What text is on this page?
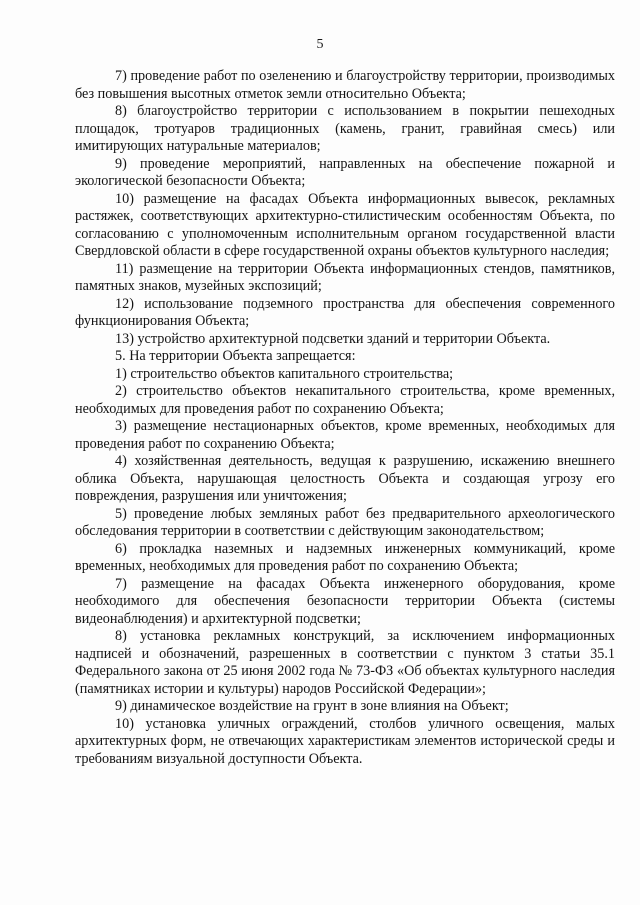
5

7) проведение работ по озеленению и благоустройству территории, производимых без повышения высотных отметок земли относительно Объекта;

8) благоустройство территории с использованием в покрытии пешеходных площадок, тротуаров традиционных (камень, гранит, гравийная смесь) или имитирующих натуральные материалов;

9) проведение мероприятий, направленных на обеспечение пожарной и экологической безопасности Объекта;

10) размещение на фасадах Объекта информационных вывесок, рекламных растяжек, соответствующих архитектурно-стилистическим особенностям Объекта, по согласованию с уполномоченным исполнительным органом государственной власти Свердловской области в сфере государственной охраны объектов культурного наследия;

11) размещение на территории Объекта информационных стендов, памятников, памятных знаков, музейных экспозиций;

12) использование подземного пространства для обеспечения современного функционирования Объекта;

13) устройство архитектурной подсветки зданий и территории Объекта.

5. На территории Объекта запрещается:

1) строительство объектов капитального строительства;

2) строительство объектов некапитального строительства, кроме временных, необходимых для проведения работ по сохранению Объекта;

3) размещение нестационарных объектов, кроме временных, необходимых для проведения работ по сохранению Объекта;

4) хозяйственная деятельность, ведущая к разрушению, искажению внешнего облика Объекта, нарушающая целостность Объекта и создающая угрозу его повреждения, разрушения или уничтожения;

5) проведение любых земляных работ без предварительного археологического обследования территории в соответствии с действующим законодательством;

6) прокладка наземных и надземных инженерных коммуникаций, кроме временных, необходимых для проведения работ по сохранению Объекта;

7) размещение на фасадах Объекта инженерного оборудования, кроме необходимого для обеспечения безопасности территории Объекта (системы видеонаблюдения) и архитектурной подсветки;

8) установка рекламных конструкций, за исключением информационных надписей и обозначений, разрешенных в соответствии с пунктом 3 статьи 35.1 Федерального закона от 25 июня 2002 года № 73-ФЗ «Об объектах культурного наследия (памятниках истории и культуры) народов Российской Федерации»;

9) динамическое воздействие на грунт в зоне влияния на Объект;

10) установка уличных ограждений, столбов уличного освещения, малых архитектурных форм, не отвечающих характеристикам элементов исторической среды и требованиям визуальной доступности Объекта.
